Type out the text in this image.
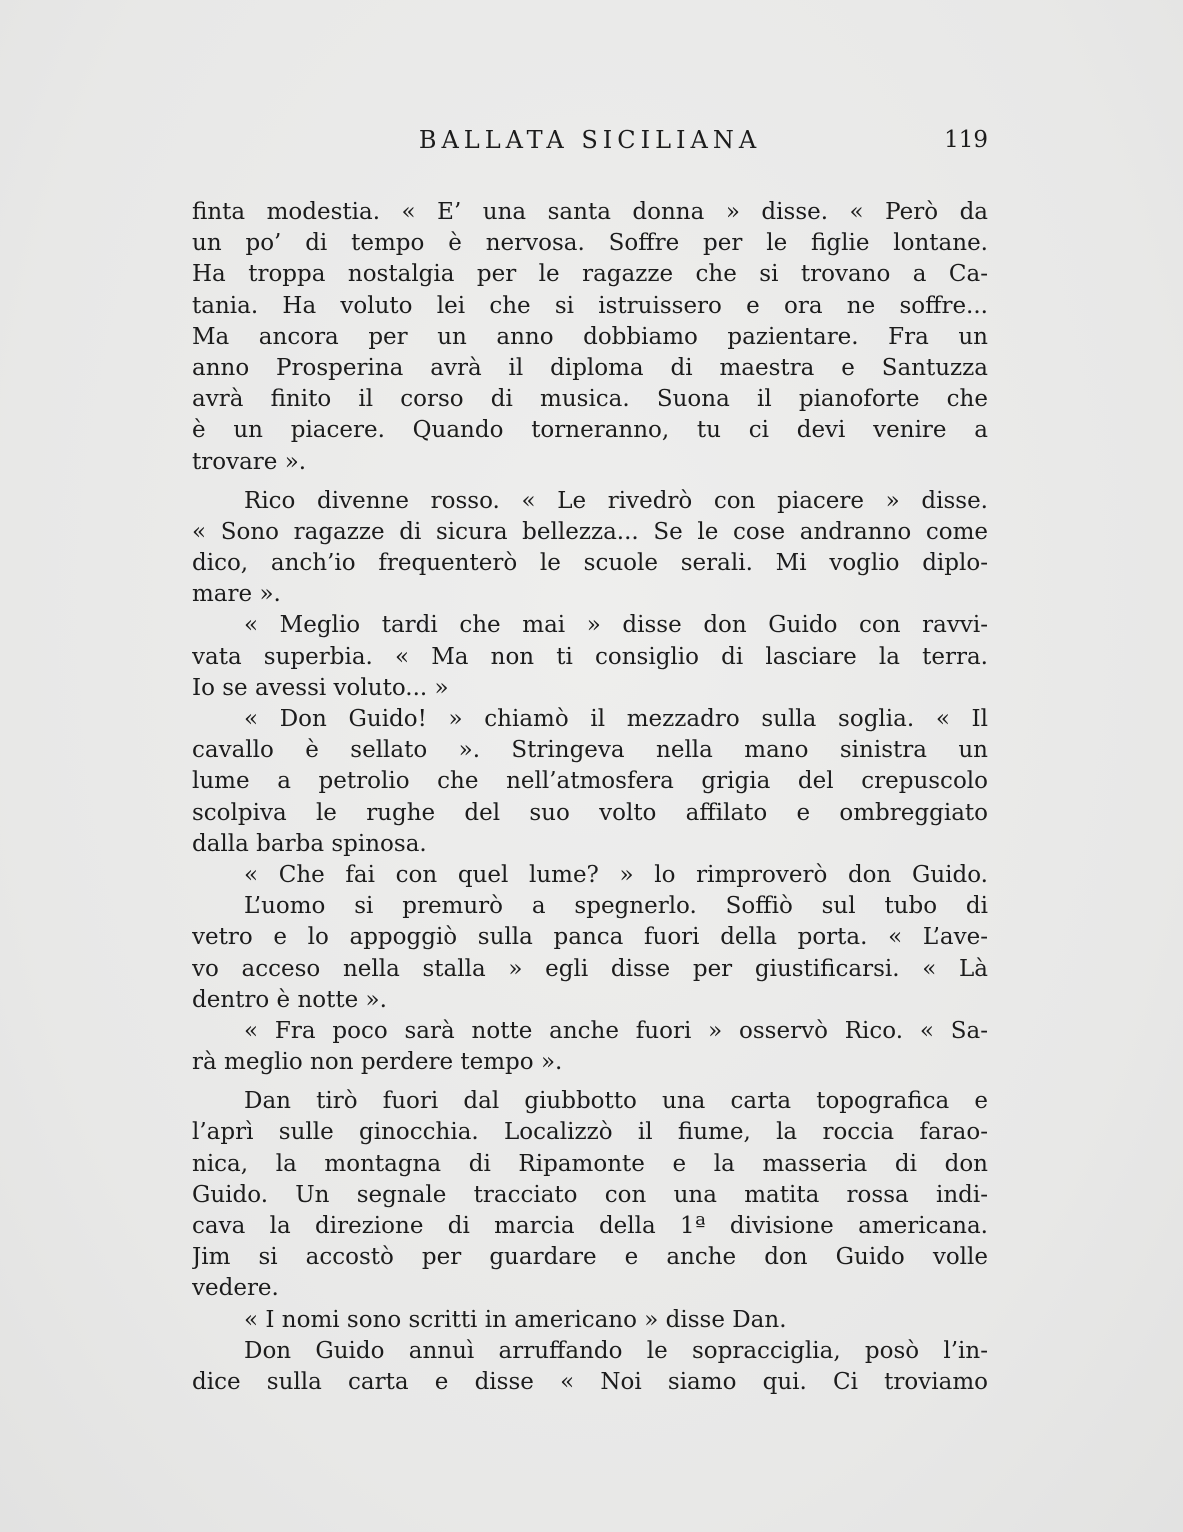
BALLATA SICILIANA	119
finta modestia. « E’ una santa donna » disse. « Però da
un po’ di tempo è nervosa. Soffre per le figlie lontane.
Ha troppa nostalgia per le ragazze che si trovano a Ca-
tania. Ha voluto lei che si istruissero e ora ne soffre...
Ma ancora per un anno dobbiamo pazientare. Fra un
anno Prosperina avrà il diploma di maestra e Santuzza
avrà finito il corso di musica. Suona il pianoforte che
è un piacere. Quando torneranno, tu ci devi venire a
trovare ».
Rico divenne rosso. « Le rivedrò con piacere » disse.
« Sono ragazze di sicura bellezza... Se le cose andranno come
dico, anch’io frequenterò le scuole serali. Mi voglio diplo-
mare ».
« Meglio tardi che mai » disse don Guido con ravvi-
vata superbia. « Ma non ti consiglio di lasciare la terra.
Io se avessi voluto... »
« Don Guido! » chiamò il mezzadro sulla soglia. « Il
cavallo è sellato ». Stringeva nella mano sinistra un
lume a petrolio che nell’atmosfera grigia del crepuscolo
scolpiva le rughe del suo volto affilato e ombreggiato
dalla barba spinosa.
« Che fai con quel lume? » lo rimproverò don Guido.
L’uomo si premurò a spegnerlo. Soffiò sul tubo di
vetro e lo appoggiò sulla panca fuori della porta. « L’ave-
vo acceso nella stalla » egli disse per giustificarsi. « Là
dentro è notte ».
« Fra poco sarà notte anche fuori » osservò Rico. « Sa-
rà meglio non perdere tempo ».
Dan tirò fuori dal giubbotto una carta topografica e
l’aprì sulle ginocchia. Localizzò il fiume, la roccia farao-
nica, la montagna di Ripamonte e la masseria di don
Guido. Un segnale tracciato con una matita rossa indi-
cava la direzione di marcia della 1ª divisione americana.
Jim si accostò per guardare e anche don Guido volle
vedere.
« I nomi sono scritti in americano » disse Dan.
Don Guido annuì arruffando le sopracciglia, posò l’in-
dice sulla carta e disse « Noi siamo qui. Ci troviamo
